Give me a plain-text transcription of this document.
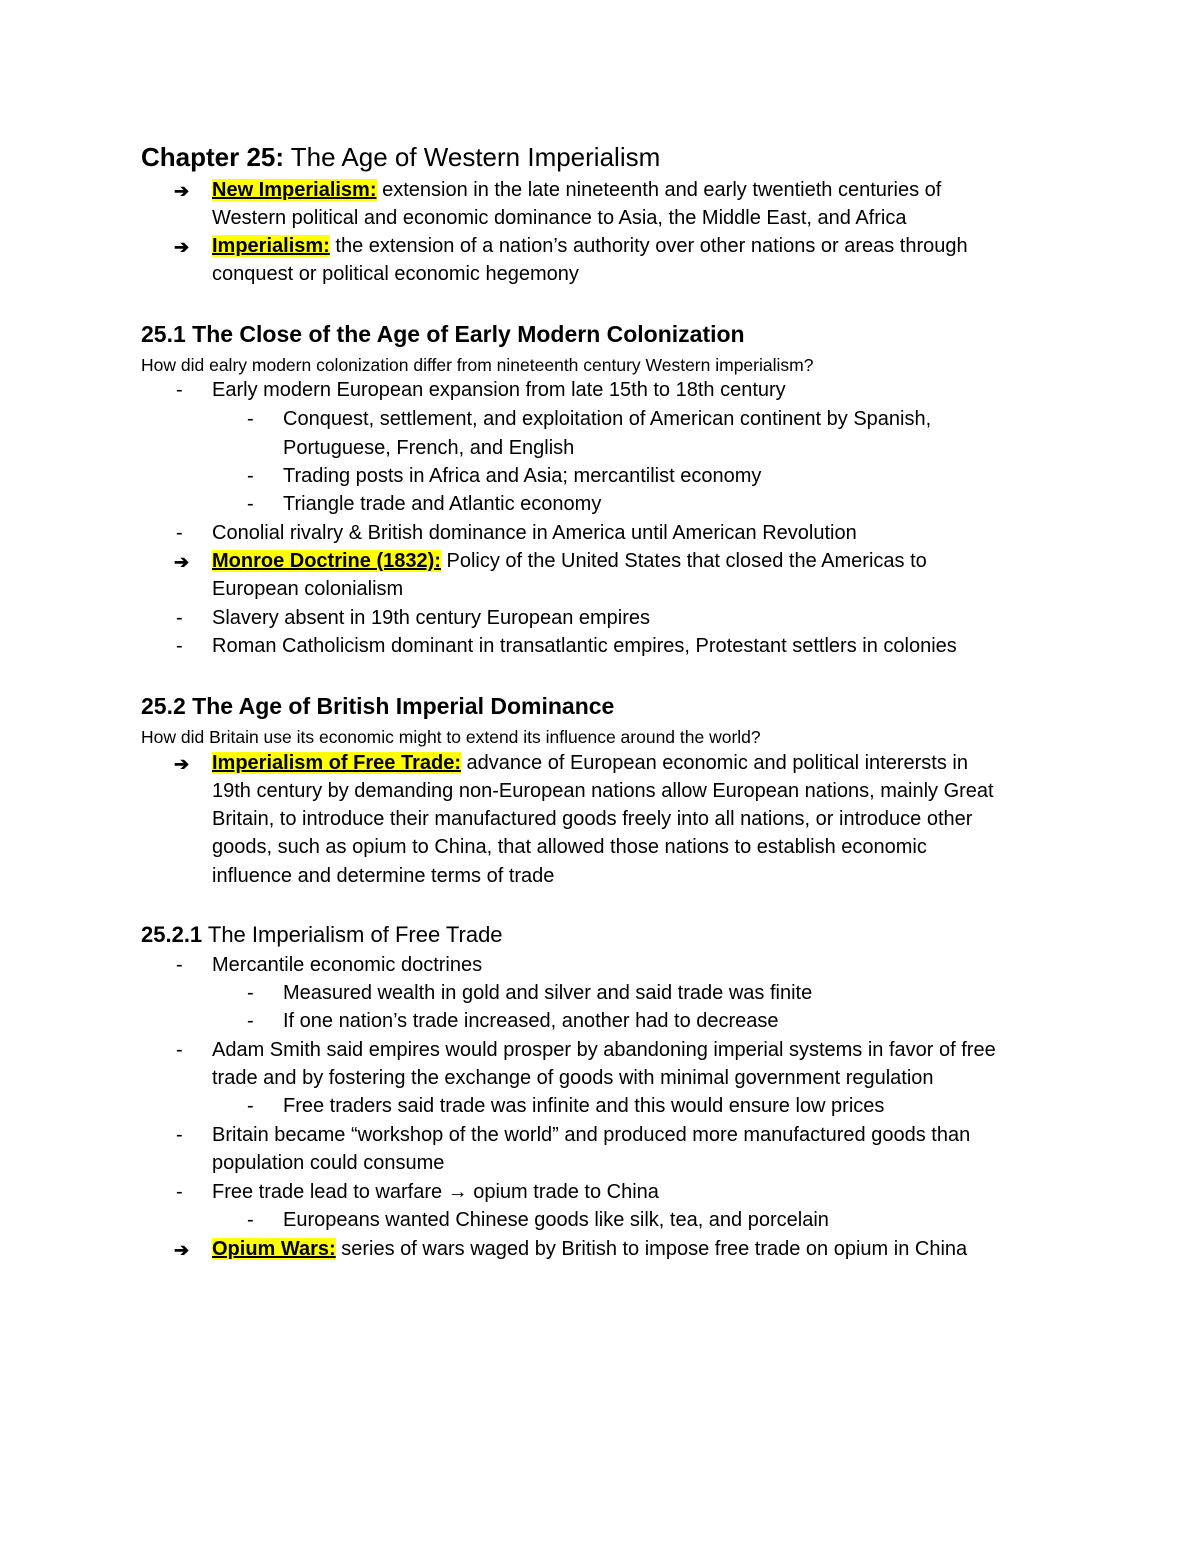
Chapter 25: The Age of Western Imperialism
➔ New Imperialism: extension in the late nineteenth and early twentieth centuries of
Western political and economic dominance to Asia, the Middle East, and Africa
➔ Imperialism: the extension of a nation’s authority over other nations or areas through
conquest or political economic hegemony
25.1 The Close of the Age of Early Modern Colonization
How did ealry modern colonization differ from nineteenth century Western imperialism?
- Early modern European expansion from late 15th to 18th century
- Conquest, settlement, and exploitation of American continent by Spanish,
Portuguese, French, and English
- Trading posts in Africa and Asia; mercantilist economy
- Triangle trade and Atlantic economy
- Conolial rivalry & British dominance in America until American Revolution
➔ Monroe Doctrine (1832): Policy of the United States that closed the Americas to
European colonialism
- Slavery absent in 19th century European empires
- Roman Catholicism dominant in transatlantic empires, Protestant settlers in colonies
25.2 The Age of British Imperial Dominance
How did Britain use its economic might to extend its influence around the world?
➔ Imperialism of Free Trade: advance of European economic and political interersts in
19th century by demanding non-European nations allow European nations, mainly Great
Britain, to introduce their manufactured goods freely into all nations, or introduce other
goods, such as opium to China, that allowed those nations to establish economic
influence and determine terms of trade
25.2.1 The Imperialism of Free Trade
- Mercantile economic doctrines
- Measured wealth in gold and silver and said trade was finite
- If one nation’s trade increased, another had to decrease
- Adam Smith said empires would prosper by abandoning imperial systems in favor of free
trade and by fostering the exchange of goods with minimal government regulation
- Free traders said trade was infinite and this would ensure low prices
- Britain became “workshop of the world” and produced more manufactured goods than
population could consume
- Free trade lead to warfare → opium trade to China
- Europeans wanted Chinese goods like silk, tea, and porcelain
➔ Opium Wars: series of wars waged by British to impose free trade on opium in China
